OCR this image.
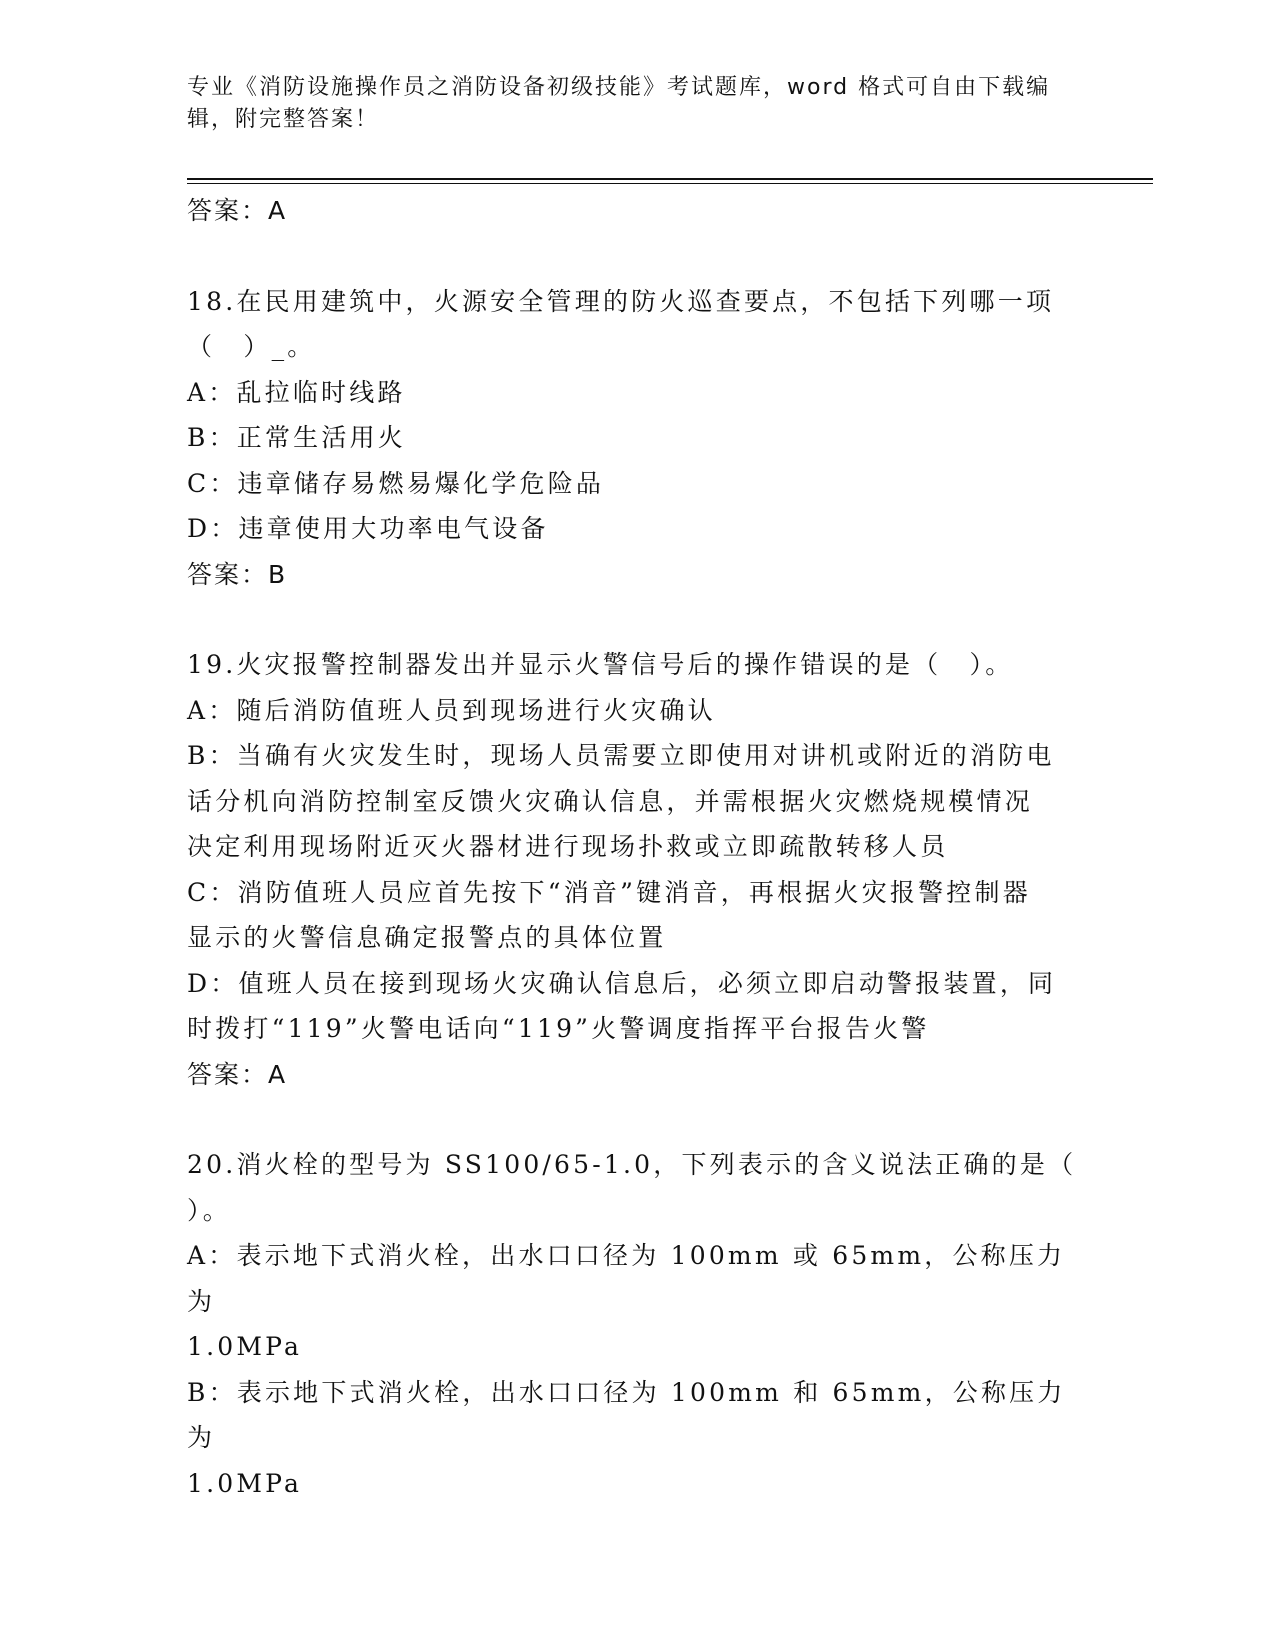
专业《消防设施操作员之消防设备初级技能》考试题库，word 格式可自由下载编
辑，附完整答案！

答案：A

18.在民用建筑中，火源安全管理的防火巡查要点，不包括下列哪一项

（　）_。

A：乱拉临时线路

B：正常生活用火

C：违章储存易燃易爆化学危险品

D：违章使用大功率电气设备

答案：B

19.火灾报警控制器发出并显示火警信号后的操作错误的是（　）。

A：随后消防值班人员到现场进行火灾确认

B：当确有火灾发生时，现场人员需要立即使用对讲机或附近的消防电

话分机向消防控制室反馈火灾确认信息，并需根据火灾燃烧规模情况

决定利用现场附近灭火器材进行现场扑救或立即疏散转移人员

C：消防值班人员应首先按下“消音”键消音，再根据火灾报警控制器

显示的火警信息确定报警点的具体位置

D：值班人员在接到现场火灾确认信息后，必须立即启动警报装置，同

时拨打“119”火警电话向“119”火警调度指挥平台报告火警

答案：A

20.消火栓的型号为 SS100/65-1.0，下列表示的含义说法正确的是（

）。

A：表示地下式消火栓，出水口口径为 100mm 或 65mm，公称压力为

1.0MPa

B：表示地下式消火栓，出水口口径为 100mm 和 65mm，公称压力为

1.0MPa
